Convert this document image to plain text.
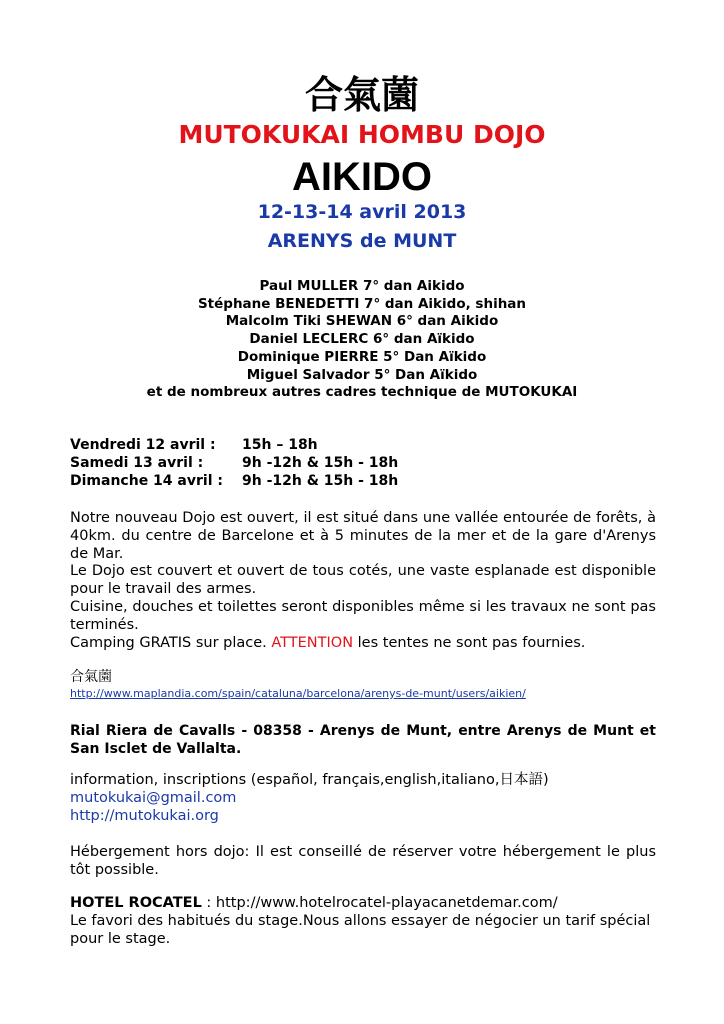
合氣薗
MUTOKUKAI HOMBU DOJO
AIKIDO
12-13-14 avril 2013
ARENYS de MUNT
Paul MULLER 7° dan Aikido
Stéphane BENEDETTI 7° dan Aikido, shihan
Malcolm Tiki SHEWAN 6° dan Aikido
Daniel LECLERC 6° dan Aïkido
Dominique PIERRE 5° Dan Aïkido
Miguel Salvador 5° Dan Aïkido
et de nombreux autres cadres technique de MUTOKUKAI
Vendredi 12 avril : 15h – 18h
Samedi 13 avril :	9h -12h & 15h - 18h
Dimanche 14 avril : 9h -12h & 15h - 18h

Notre nouveau Dojo est ouvert, il est situé dans une vallée entourée de forêts, à 40km. du centre de Barcelone et à 5 minutes de la mer et de la gare d'Arenys de Mar.

Le Dojo est couvert et ouvert de tous cotés, une vaste esplanade est disponible pour le travail des armes.

Cuisine, douches et toilettes seront disponibles même si les travaux ne sont pas terminés.

Camping GRATIS sur place. ATTENTION les tentes ne sont pas fournies.

合氣薗
http://www.maplandia.com/spain/cataluna/barcelona/arenys-de-munt/users/aikien/
Rial Riera de Cavalls - 08358 - Arenys de Munt, entre Arenys de Munt et San Isclet de Vallalta.
information, inscriptions (español, français,english,italiano,日本語)
mutokukai@gmail.com
http://mutokukai.org
Hébergement hors dojo: Il est conseillé de réserver votre hébergement le plus tôt possible.
HOTEL ROCATEL : http://www.hotelrocatel-playacanetdemar.com/
Le favori des habitués du stage.Nous allons essayer de négocier un tarif spécial pour le stage.
